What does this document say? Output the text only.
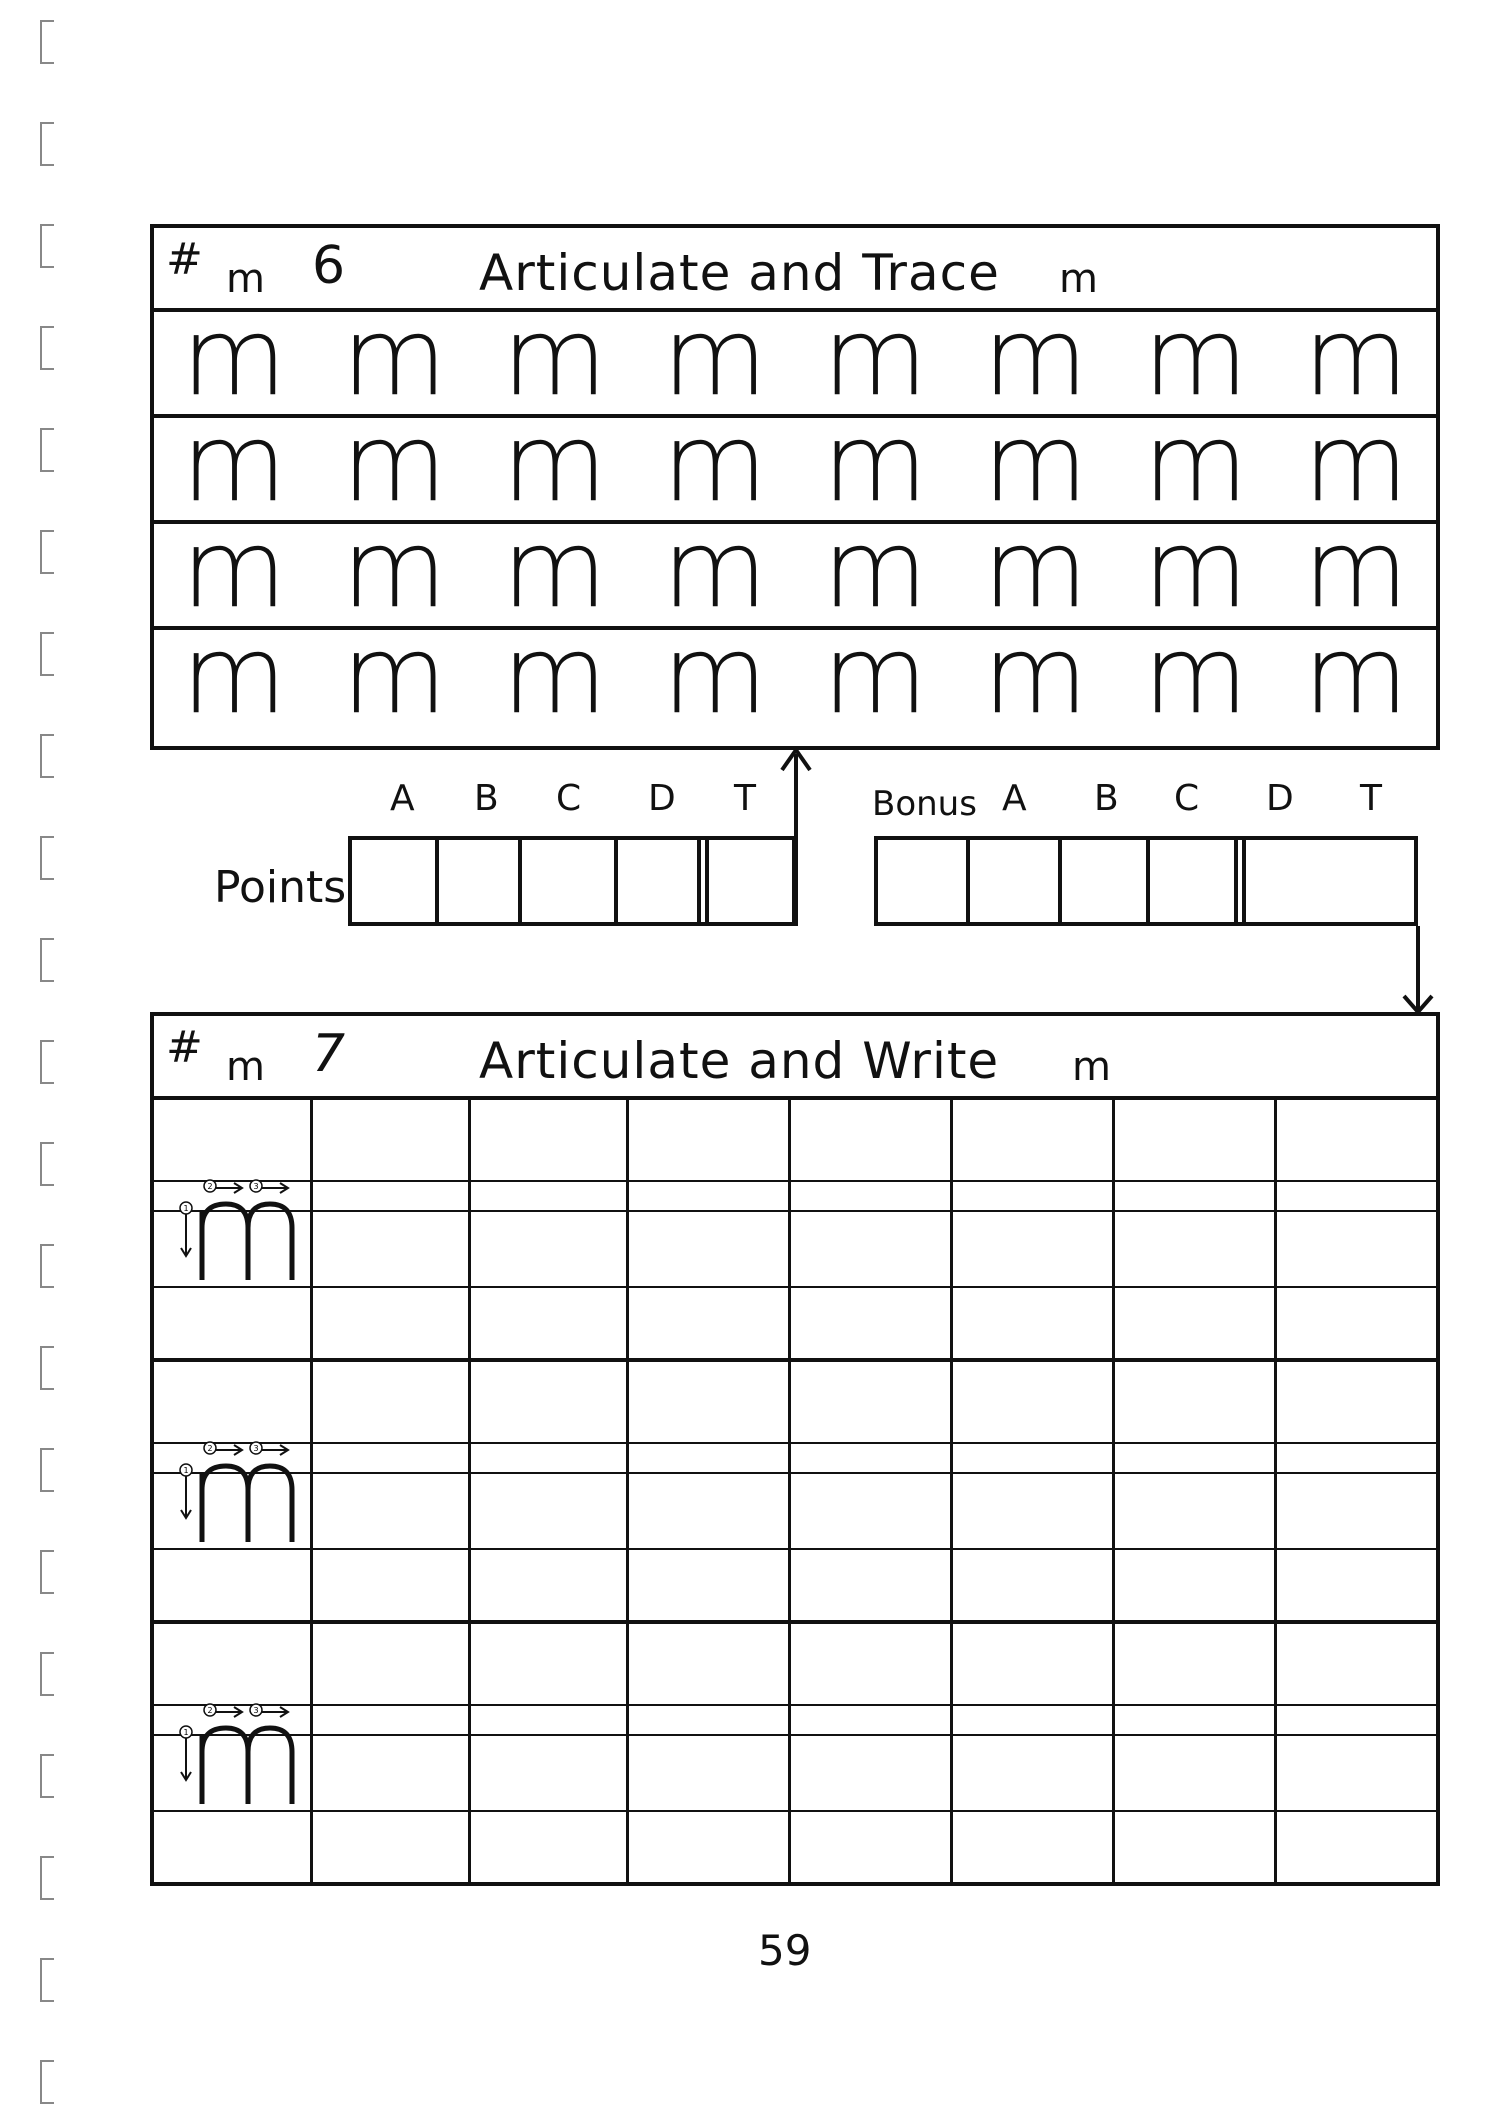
# m 6	Articulate and Trace m
m m m m m m m m
m m m m m m m m
m m m m m m m m
m m m m m m m m
A B C D T	A B C D T
Bonus
Points
# m 7	Articulate and Write m
1
2	3
1
2	3
1
2	3
59
